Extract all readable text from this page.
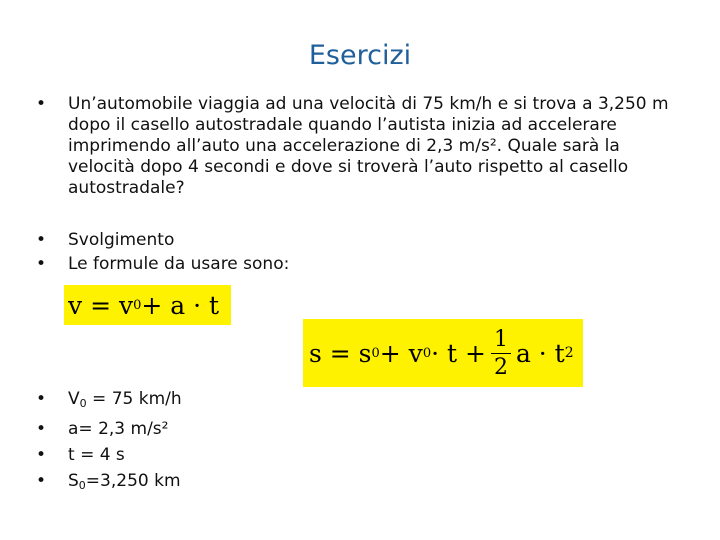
Esercizi
• Un’automobile viaggia ad una velocità di 75 km/h e si trova a 3,250 m dopo il casello autostradale quando l’autista inizia ad accelerare imprimendo all’auto una accelerazione di 2,3 m/s². Quale sarà la velocità dopo 4 secondi e dove si troverà l’auto rispetto al casello autostradale?
• Svolgimento
• Le formule da usare sono:
v = v 0 + a · t
s = s 0 + v $0 \cdot t + \frac{1}{2}$ a · t 2
• $V_0 = 75$ km/h
• a= 2,3 m/s²
• t = 4 s
• $S_0=3,250$ km
